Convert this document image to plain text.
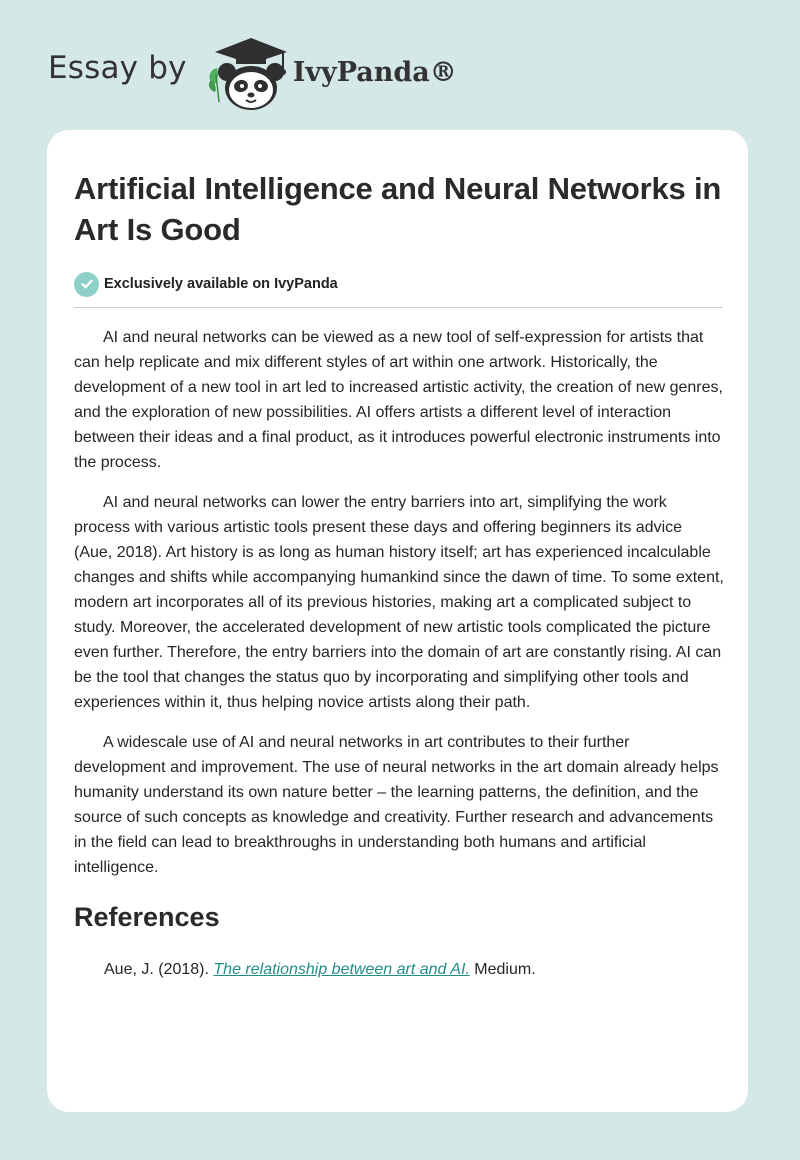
Essay by	IvyPanda®
Artificial Intelligence and Neural Networks in Art Is Good
Exclusively available on IvyPanda

AI and neural networks can be viewed as a new tool of self-expression for artists that can help replicate and mix different styles of art within one artwork. Historically, the development of a new tool in art led to increased artistic activity, the creation of new genres, and the exploration of new possibilities. AI offers artists a different level of interaction between their ideas and a final product, as it introduces powerful electronic instruments into the process.

AI and neural networks can lower the entry barriers into art, simplifying the work process with various artistic tools present these days and offering beginners its advice (Aue, 2018). Art history is as long as human history itself; art has experienced incalculable changes and shifts while accompanying humankind since the dawn of time. To some extent, modern art incorporates all of its previous histories, making art a complicated subject to study. Moreover, the accelerated development of new artistic tools complicated the picture even further. Therefore, the entry barriers into the domain of art are constantly rising. AI can be the tool that changes the status quo by incorporating and simplifying other tools and experiences within it, thus helping novice artists along their path.

A widescale use of AI and neural networks in art contributes to their further development and improvement. The use of neural networks in the art domain already helps humanity understand its own nature better – the learning patterns, the definition, and the source of such concepts as knowledge and creativity. Further research and advancements in the field can lead to breakthroughs in understanding both humans and artificial intelligence.

References
Aue, J. (2018). The relationship between art and AI. Medium.
